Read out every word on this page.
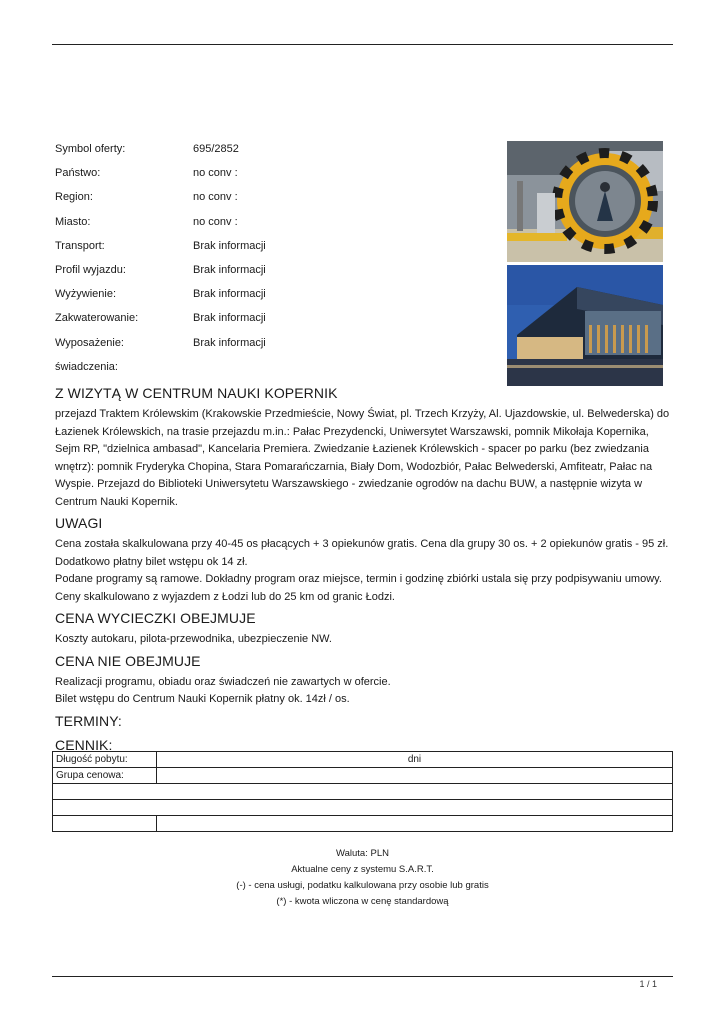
Symbol oferty:	695/2852
Państwo:	no conv :
Region:	no conv :
Miasto:	no conv :
Transport:	Brak informacji
Profil wyjazdu:	Brak informacji
Wyżywienie:	Brak informacji
Zakwaterowanie:	Brak informacji
Wyposażenie:	Brak informacji
świadczenia:
Z WIZYTĄ W CENTRUM NAUKI KOPERNIK

przejazd Traktem Królewskim (Krakowskie Przedmieście, Nowy Świat, pl. Trzech Krzyży, Al. Ujazdowskie, ul. Belwederska) do Łazienek Królewskich, na trasie przejazdu m.in.: Pałac Prezydencki, Uniwersytet Warszawski, pomnik Mikołaja Kopernika, Sejm RP, "dzielnica ambasad", Kancelaria Premiera. Zwiedzanie Łazienek Królewskich - spacer po parku (bez zwiedzania wnętrz): pomnik Fryderyka Chopina, Stara Pomarańczarnia, Biały Dom, Wodozbiór, Pałac Belwederski, Amfiteatr, Pałac na Wyspie. Przejazd do Biblioteki Uniwersytetu Warszawskiego - zwiedzanie ogrodów na dachu BUW, a następnie wizyta w Centrum Nauki Kopernik.

UWAGI

Cena została skalkulowana przy 40-45 os płacących + 3 opiekunów gratis. Cena dla grupy 30 os. + 2 opiekunów gratis - 95 zł. Dodatkowo płatny bilet wstępu ok 14 zł.

Podane programy są ramowe. Dokładny program oraz miejsce, termin i godzinę zbiórki ustala się przy podpisywaniu umowy.

Ceny skalkulowano z wyjazdem z Łodzi lub do 25 km od granic Łodzi.

CENA WYCIECZKI OBEJMUJE

Koszty autokaru, pilota-przewodnika, ubezpieczenie NW.

CENA NIE OBEJMUJE

Realizacji programu, obiadu oraz świadczeń nie zawartych w ofercie.

Bilet wstępu do Centrum Nauki Kopernik płatny ok. 14zł / os.

TERMINY:
CENNIK:
Długość pobytu:	dni
Grupa cenowa:	

Waluta: PLN
Aktualne ceny z systemu S.A.R.T.
(-) - cena usługi, podatku kalkulowana przy osobie lub gratis
(*) - kwota wliczona w cenę standardową
1 / 1
